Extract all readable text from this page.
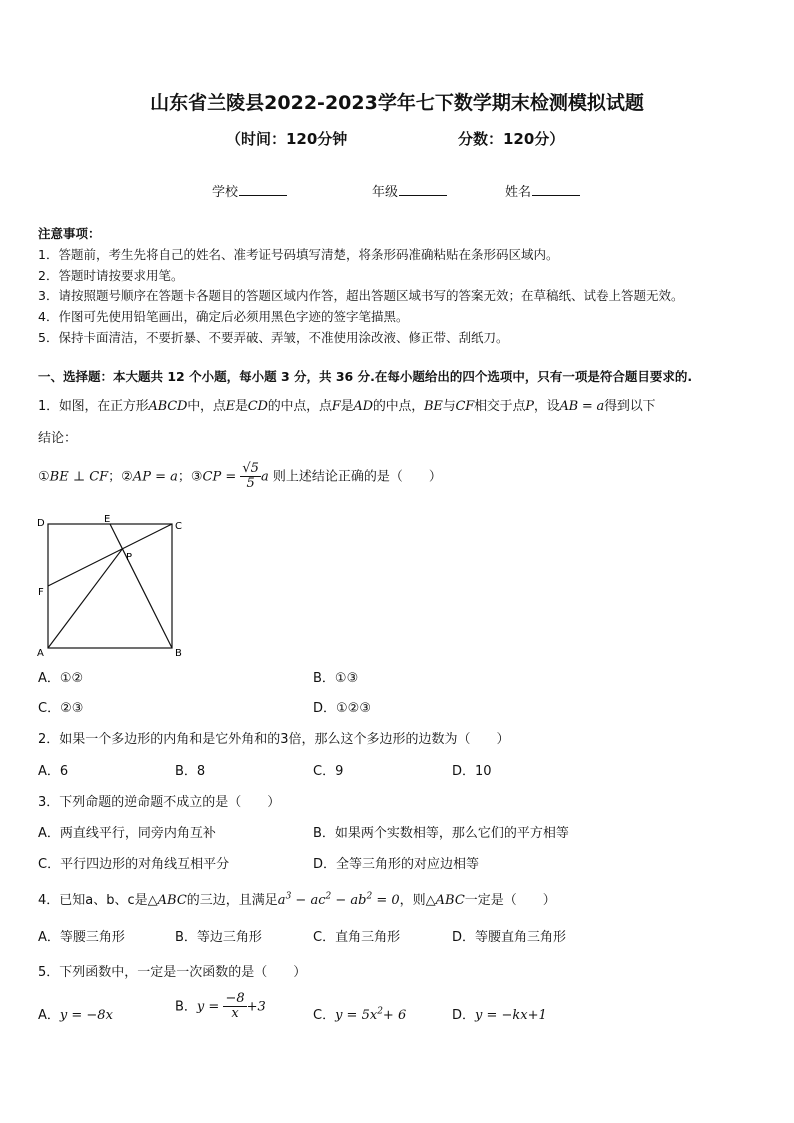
山东省兰陵县2022-2023学年七下数学期末检测模拟试题
（时间：120分钟	分数：120分）
学校	年级	姓名
注意事项：
1．答题前，考生先将自己的姓名、准考证号码填写清楚，将条形码准确粘贴在条形码区域内。
2．答题时请按要求用笔。
3．请按照题号顺序在答题卡各题目的答题区域内作答，超出答题区域书写的答案无效；在草稿纸、试卷上答题无效。
4．作图可先使用铅笔画出，确定后必须用黑色字迹的签字笔描黑。
5．保持卡面清洁，不要折暴、不要弄破、弄皱，不准使用涂改液、修正带、刮纸刀。
一、选择题：本大题共 12 个小题，每小题 3 分，共 36 分.在每小题给出的四个选项中，只有一项是符合题目要求的.
1．如图，在正方形ABCD中，点E是CD的中点，点F是AD的中点，BE与CF相交于点P，设AB = a得到以下
结论：
①BE ⊥ CF；②AP = a；③CP = $\frac{√5}{5}$ a 则上述结论正确的是（　　）
D	E
C
P
F
A	B
A．①②	B．①③
C．②③	D．①②③
2．如果一个多边形的内角和是它外角和的3倍，那么这个多边形的边数为（　　）
A．6	B．8	C．9	D．10
3．下列命题的逆命题不成立的是（　　）
A．两直线平行，同旁内角互补	B．如果两个实数相等，那么它们的平方相等
C．平行四边形的对角线互相平分	D．全等三角形的对应边相等
4．已知a、b、c是△ABC的三边，且满足$a^3 - ac^2 - ab^2 = 0$，则△ABC一定是（　　）
A．等腰三角形	B．等边三角形	C．直角三角形	D．等腰直角三角形
5．下列函数中，一定是一次函数的是（　　）
A．y = −8x
B．$y = \frac{-8}{x} +3$
C．$y = 5x^2+ 6$	D．y = −kx+1
